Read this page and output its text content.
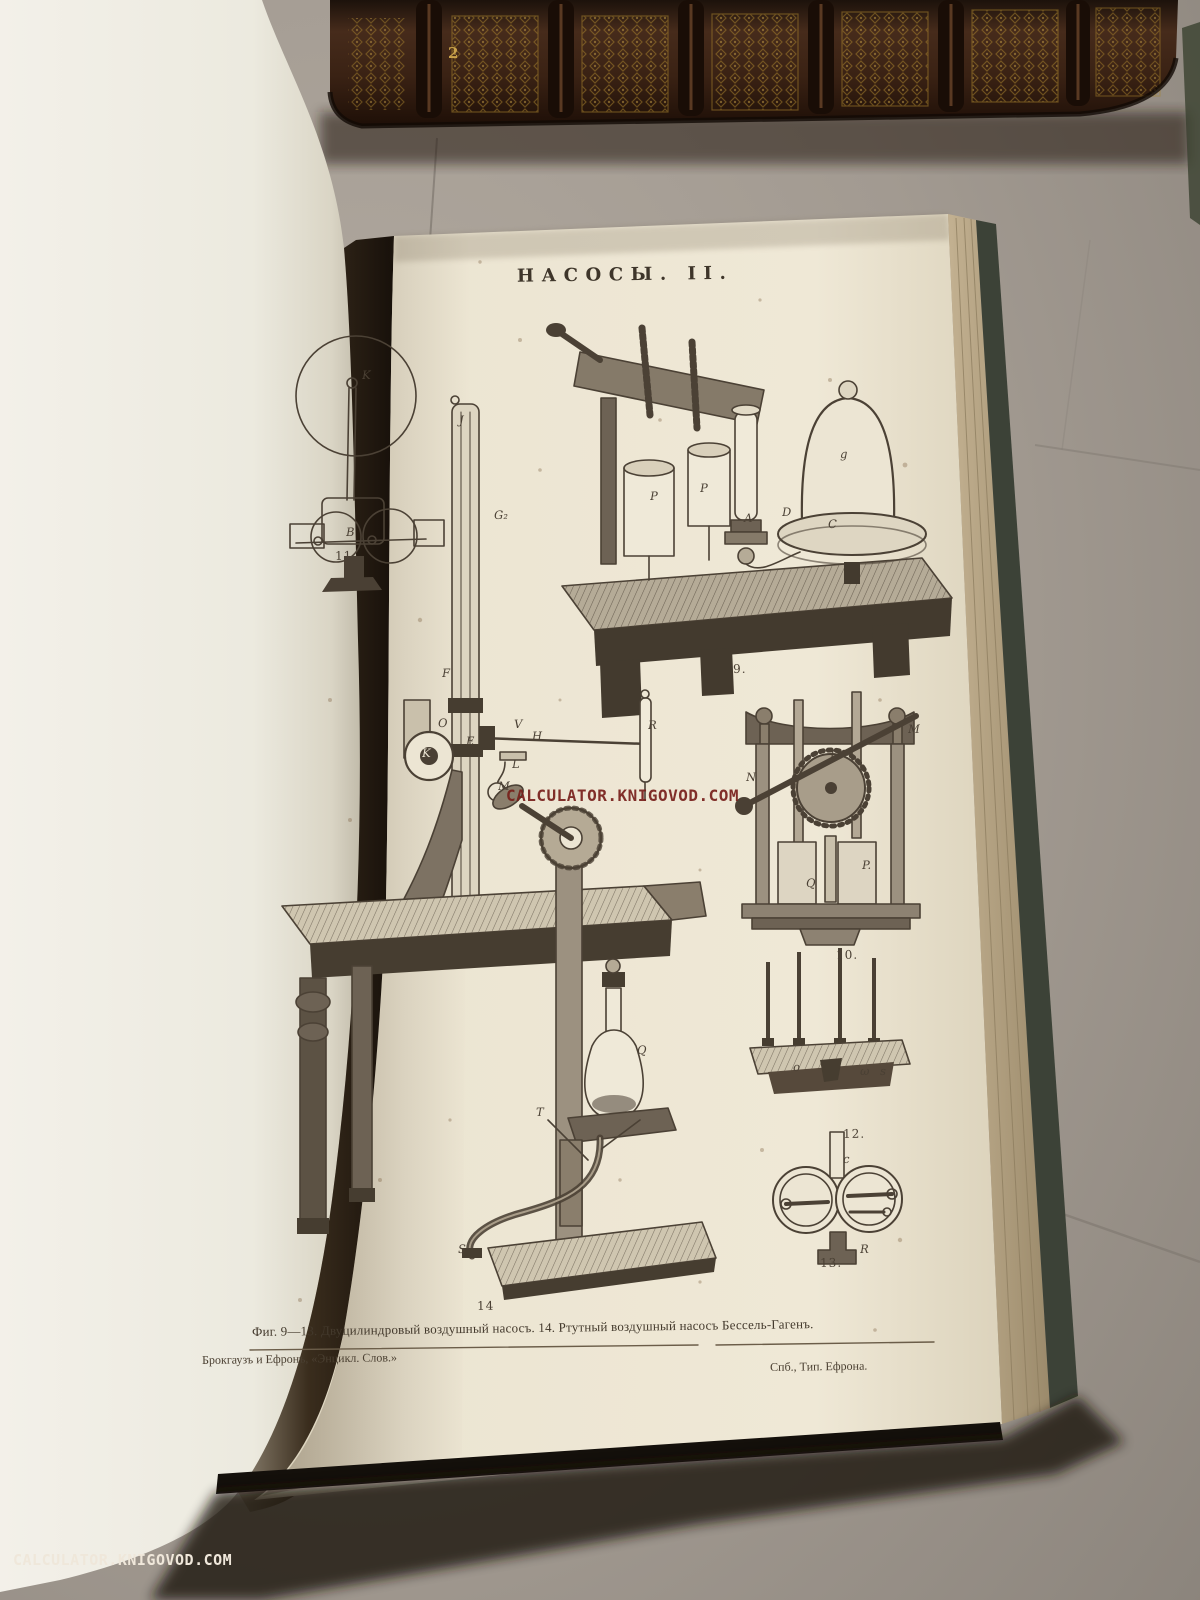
2
НАСОСЫ. II.
9.
10.
11.
12.
13.
14
K
B
P
P
A	D
C
g
N
M
H
Q
P.
o	ω s
c
R
J
G₂
F
O
E
K
L
M
V
H
R
Q
T
S
Фиг. 9—13. Двуцилиндровый воздушный насосъ. 14. Ртутный воздушный насосъ Бессель-Гагенъ.
Брокгаузъ и Ефронъ, «Энцикл. Слов.»	Спб., Тип. Ефрона.
CALCULATOR.KNIGOVOD.COM
CALCULATOR.KNIGOVOD.COM
